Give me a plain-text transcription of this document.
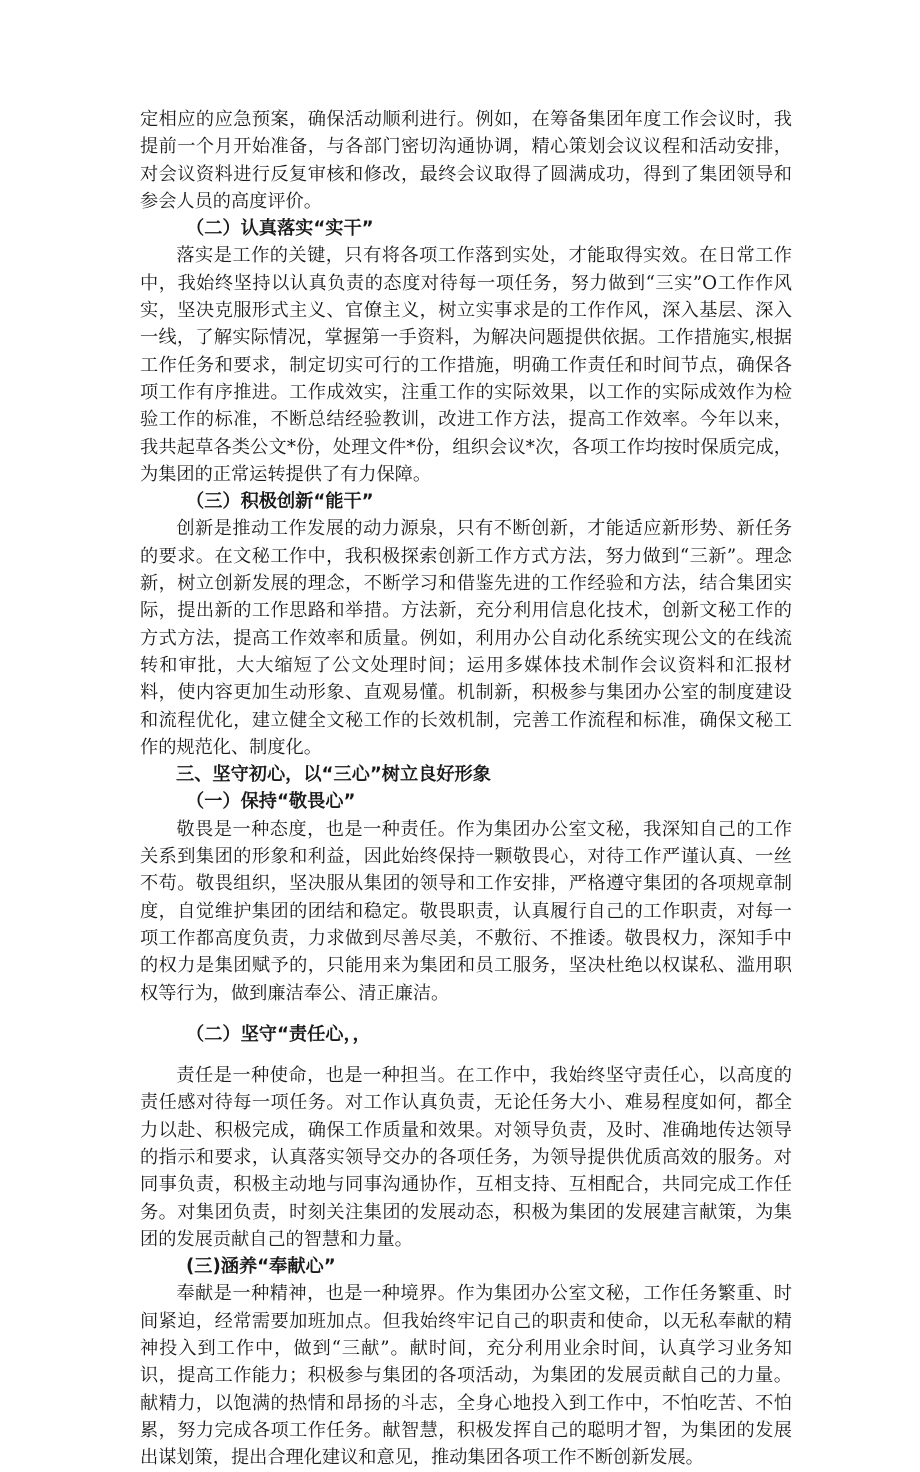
定相应的应急预案，确保活动顺利进行。例如，在筹备集团年度工作会议时，我提前一个月开始准备，与各部门密切沟通协调，精心策划会议议程和活动安排，对会议资料进行反复审核和修改，最终会议取得了圆满成功，得到了集团领导和参会人员的高度评价。

（二）认真落实“实干”

落实是工作的关键，只有将各项工作落到实处，才能取得实效。在日常工作中，我始终坚持以认真负责的态度对待每一项任务，努力做到“三实”O工作作风实，坚决克服形式主义、官僚主义，树立实事求是的工作作风，深入基层、深入一线，了解实际情况，掌握第一手资料，为解决问题提供依据。工作措施实,根据工作任务和要求，制定切实可行的工作措施，明确工作责任和时间节点，确保各项工作有序推进。工作成效实，注重工作的实际效果，以工作的实际成效作为检验工作的标准，不断总结经验教训，改进工作方法，提高工作效率。今年以来，我共起草各类公文*份，处理文件*份，组织会议*次，各项工作均按时保质完成，为集团的正常运转提供了有力保障。

（三）积极创新“能干”

创新是推动工作发展的动力源泉，只有不断创新，才能适应新形势、新任务的要求。在文秘工作中，我积极探索创新工作方式方法，努力做到“三新”。理念新，树立创新发展的理念，不断学习和借鉴先进的工作经验和方法，结合集团实际，提出新的工作思路和举措。方法新，充分利用信息化技术，创新文秘工作的方式方法，提高工作效率和质量。例如，利用办公自动化系统实现公文的在线流转和审批，大大缩短了公文处理时间；运用多媒体技术制作会议资料和汇报材料，使内容更加生动形象、直观易懂。机制新，积极参与集团办公室的制度建设和流程优化，建立健全文秘工作的长效机制，完善工作流程和标准，确保文秘工作的规范化、制度化。

三、坚守初心，以“三心”树立良好形象

（一）保持“敬畏心”

敬畏是一种态度，也是一种责任。作为集团办公室文秘，我深知自己的工作关系到集团的形象和利益，因此始终保持一颗敬畏心，对待工作严谨认真、一丝不苟。敬畏组织，坚决服从集团的领导和工作安排，严格遵守集团的各项规章制度，自觉维护集团的团结和稳定。敬畏职责，认真履行自己的工作职责，对每一项工作都高度负责，力求做到尽善尽美，不敷衍、不推诿。敬畏权力，深知手中的权力是集团赋予的，只能用来为集团和员工服务，坚决杜绝以权谋私、滥用职权等行为，做到廉洁奉公、清正廉洁。

（二）坚守“责任心，，

责任是一种使命，也是一种担当。在工作中，我始终坚守责任心，以高度的责任感对待每一项任务。对工作认真负责，无论任务大小、难易程度如何，都全力以赴、积极完成，确保工作质量和效果。对领导负责，及时、准确地传达领导的指示和要求，认真落实领导交办的各项任务，为领导提供优质高效的服务。对同事负责，积极主动地与同事沟通协作，互相支持、互相配合，共同完成工作任务。对集团负责，时刻关注集团的发展动态，积极为集团的发展建言献策，为集团的发展贡献自己的智慧和力量。

(三)涵养“奉献心”

奉献是一种精神，也是一种境界。作为集团办公室文秘，工作任务繁重、时间紧迫，经常需要加班加点。但我始终牢记自己的职责和使命，以无私奉献的精神投入到工作中，做到“三献”。献时间，充分利用业余时间，认真学习业务知识，提高工作能力；积极参与集团的各项活动，为集团的发展贡献自己的力量。献精力，以饱满的热情和昂扬的斗志，全身心地投入到工作中，不怕吃苦、不怕累，努力完成各项工作任务。献智慧，积极发挥自己的聪明才智，为集团的发展出谋划策，提出合理化建议和意见，推动集团各项工作不断创新发展。
